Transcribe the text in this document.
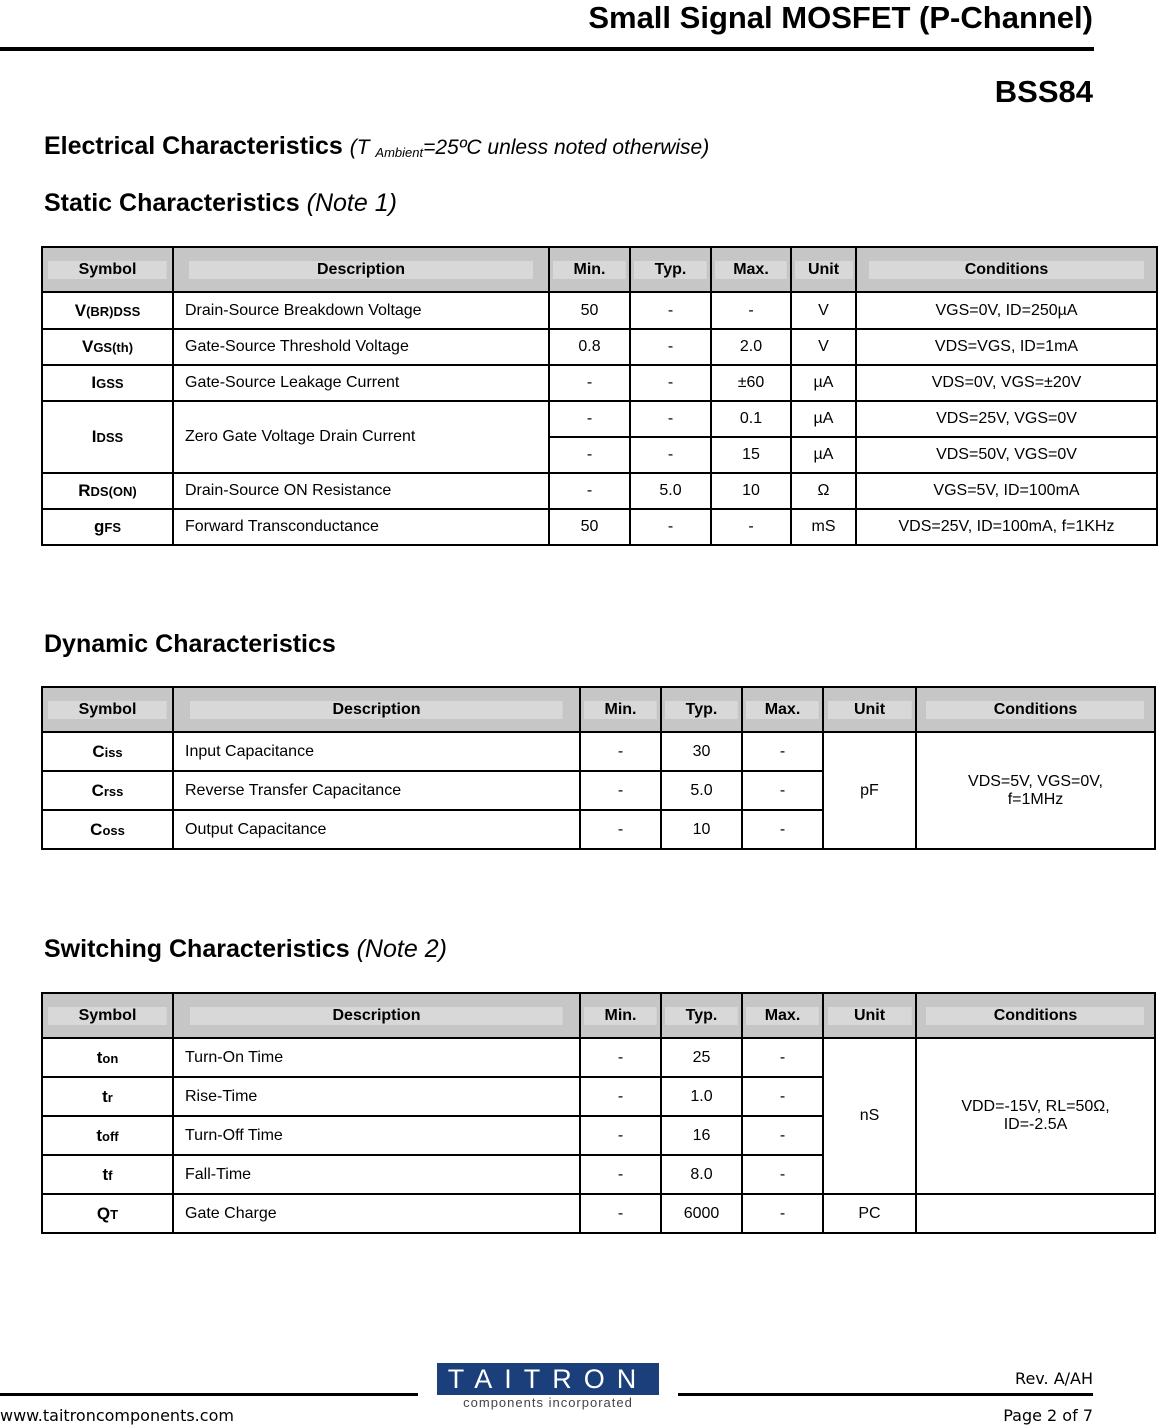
Small Signal MOSFET (P-Channel)
BSS84
Electrical Characteristics (T $_{Ambient}$=25ºC unless noted otherwise)
Static Characteristics (Note 1)
Symbol	Description	Min.	Typ.	Max.	Unit	Conditions

V(BR)DSS	Drain-Source Breakdown Voltage	50	-	-	V	VGS=0V, ID=250µA
VGS(th)	Gate-Source Threshold Voltage	0.8	-	2.0	V	VDS=VGS, ID=1mA
IGSS	Gate-Source Leakage Current	-	-	±60	µA	VDS=0V, VGS=±20V
IDSS	Zero Gate Voltage Drain Current	-	-	0.1	µA	VDS=25V, VGS=0V
		-	-	15	µA	VDS=50V, VGS=0V
RDS(ON)	Drain-Source ON Resistance	-	5.0	10	Ω	VGS=5V, ID=100mA
gFS	Forward Transconductance	50	-	-	mS	VDS=25V, ID=100mA, f=1KHz
Dynamic Characteristics
Symbol	Description	Min.	Typ.	Max.	Unit	Conditions

Ciss	Input Capacitance	-	30	-	pF	VDS=5V, VGS=0V, f=1MHz
Crss	Reverse Transfer Capacitance	-	5.0	-		
Coss	Output Capacitance	-	10	-		
Switching Characteristics (Note 2)
Symbol	Description	Min.	Typ.	Max.	Unit	Conditions

ton	Turn-On Time	-	25	-	nS	VDD=-15V, RL=50Ω, ID=-2.5A
tr	Rise-Time	-	1.0	-		
toff	Turn-Off Time	-	16	-		
tf	Fall-Time	-	8.0	-		
QT	Gate Charge	-	6000	-	PC	
Rev. A/AH
TAITRON
components incorporated
www.taitroncomponents.com	Page 2 of 7
